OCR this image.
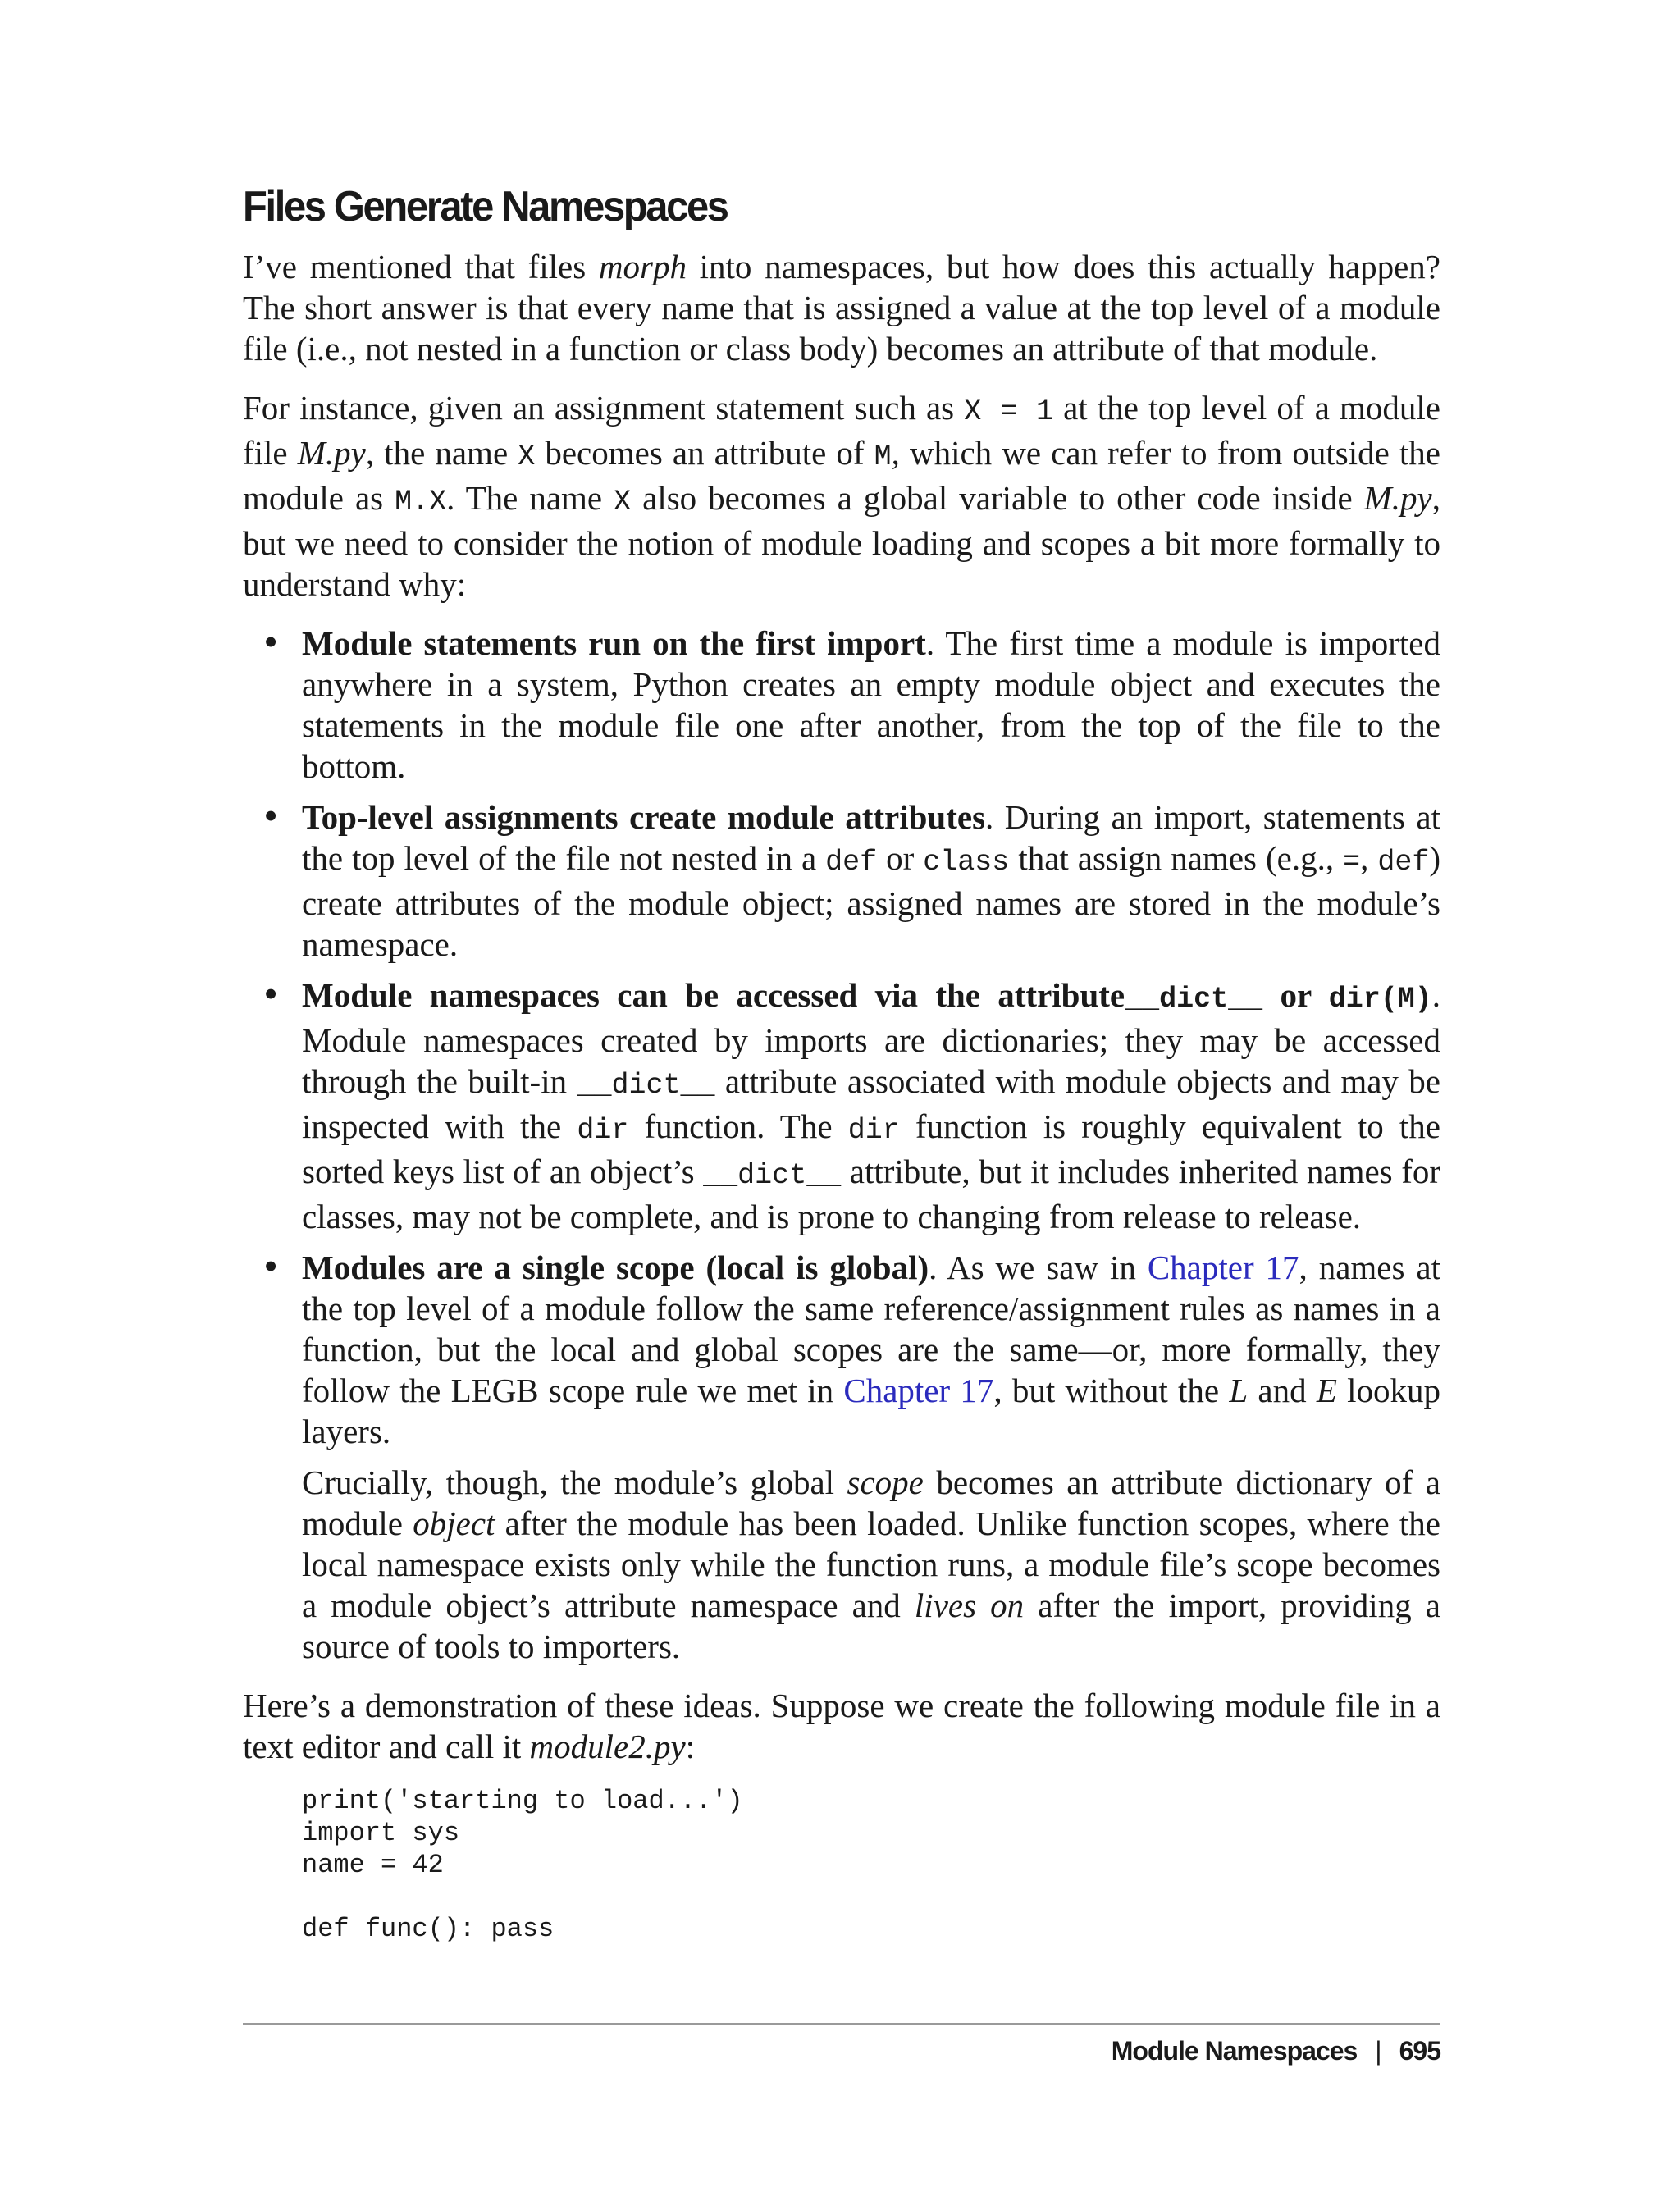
Files Generate Namespaces

I’ve mentioned that files morph into namespaces, but how does this actually happen? The short answer is that every name that is assigned a value at the top level of a module file (i.e., not nested in a function or class body) becomes an attribute of that module.

For instance, given an assignment statement such as X = 1 at the top level of a module file M.py, the name X becomes an attribute of M, which we can refer to from outside the module as M.X. The name X also becomes a global variable to other code inside M.py, but we need to consider the notion of module loading and scopes a bit more formally to understand why:

• Module statements run on the first import. The first time a module is imported anywhere in a system, Python creates an empty module object and executes the statements in the module file one after another, from the top of the file to the bottom.
• Top-level assignments create module attributes. During an import, statements at the top level of the file not nested in a def or class that assign names (e.g., =, def) create attributes of the module object; assigned names are stored in the module’s namespace.
• Module namespaces can be accessed via the attribute__dict__ or dir(M). Module namespaces created by imports are dictionaries; they may be accessed through the built-in __dict__ attribute associated with module objects and may be inspected with the dir function. The dir function is roughly equivalent to the sorted keys list of an object’s __dict__ attribute, but it includes inherited names for classes, may not be complete, and is prone to changing from release to release.
• Modules are a single scope (local is global). As we saw in Chapter 17, names at the top level of a module follow the same reference/assignment rules as names in a function, but the local and global scopes are the same—or, more formally, they follow the LEGB scope rule we met in Chapter 17, but without the L and E lookup layers.

Crucially, though, the module’s global scope becomes an attribute dictionary of a module object after the module has been loaded. Unlike function scopes, where the local namespace exists only while the function runs, a module file’s scope becomes a module object’s attribute namespace and lives on after the import, providing a source of tools to importers.

Here’s a demonstration of these ideas. Suppose we create the following module file in a text editor and call it module2.py:

print('starting to load...')
import sys
name = 42

def func(): pass
Module Namespaces | 695
